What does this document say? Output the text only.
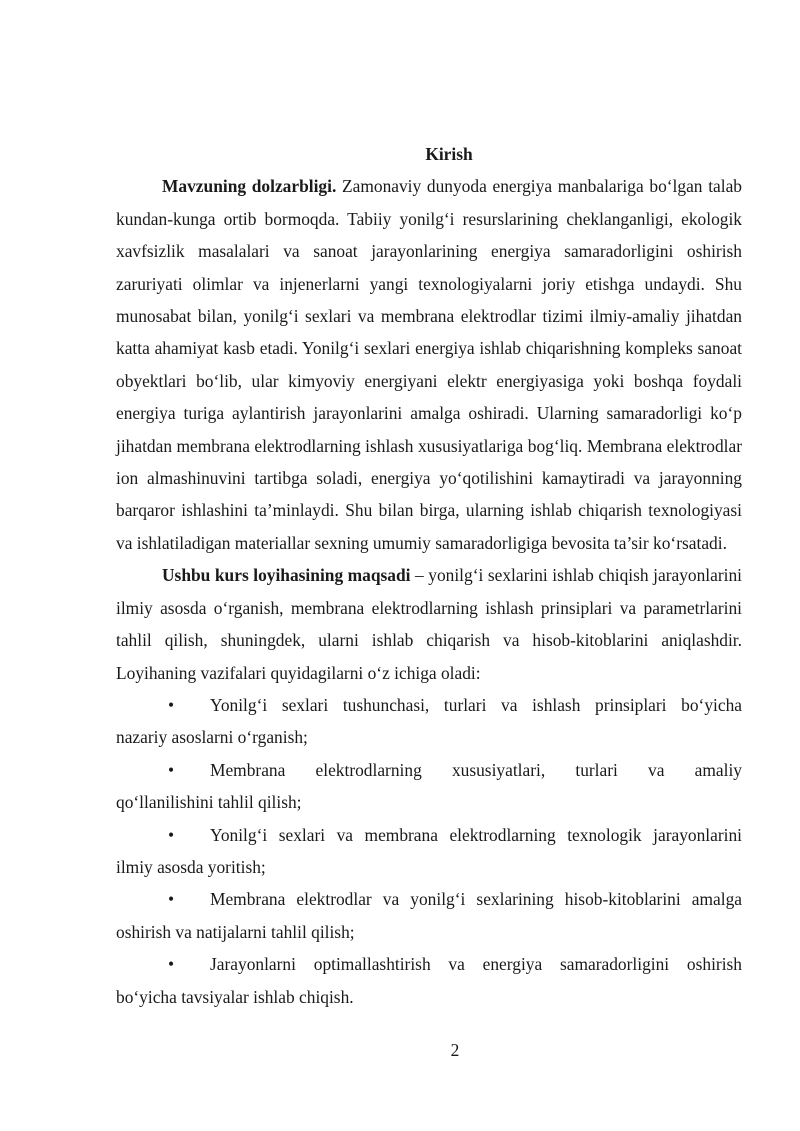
Kirish

Mavzuning dolzarbligi. Zamonaviy dunyoda energiya manbalariga bo‘lgan talab kundan-kunga ortib bormoqda. Tabiiy yonilg‘i resurslarining cheklanganligi, ekologik xavfsizlik masalalari va sanoat jarayonlarining energiya samaradorligini oshirish zaruriyati olimlar va injenerlarni yangi texnologiyalarni joriy etishga undaydi. Shu munosabat bilan, yonilg‘i sexlari va membrana elektrodlar tizimi ilmiy-amaliy jihatdan katta ahamiyat kasb etadi. Yonilg‘i sexlari energiya ishlab chiqarishning kompleks sanoat obyektlari bo‘lib, ular kimyoviy energiyani elektr energiyasiga yoki boshqa foydali energiya turiga aylantirish jarayonlarini amalga oshiradi. Ularning samaradorligi ko‘p jihatdan membrana elektrodlarning ishlash xususiyatlariga bog‘liq. Membrana elektrodlar ion almashinuvini tartibga soladi, energiya yo‘qotilishini kamaytiradi va jarayonning barqaror ishlashini ta’minlaydi. Shu bilan birga, ularning ishlab chiqarish texnologiyasi va ishlatiladigan materiallar sexning umumiy samaradorligiga bevosita ta’sir ko‘rsatadi.

Ushbu kurs loyihasining maqsadi – yonilg‘i sexlarini ishlab chiqish jarayonlarini ilmiy asosda o‘rganish, membrana elektrodlarning ishlash prinsiplari va parametrlarini tahlil qilish, shuningdek, ularni ishlab chiqarish va hisob-kitoblarini aniqlashdir. Loyihaning vazifalari quyidagilarni o‘z ichiga oladi:

•	Yonilg‘i sexlari tushunchasi, turlari va ishlash prinsiplari bo‘yicha
nazariy asoslarni o‘rganish;
•	Membrana elektrodlarning xususiyatlari, turlari va amaliy
qo‘llanilishini tahlil qilish;
•	Yonilg‘i sexlari va membrana elektrodlarning texnologik jarayonlarini
ilmiy asosda yoritish;
•	Membrana elektrodlar va yonilg‘i sexlarining hisob-kitoblarini amalga
oshirish va natijalarni tahlil qilish;
•	Jarayonlarni optimallashtirish va energiya samaradorligini oshirish
bo‘yicha tavsiyalar ishlab chiqish.
2
